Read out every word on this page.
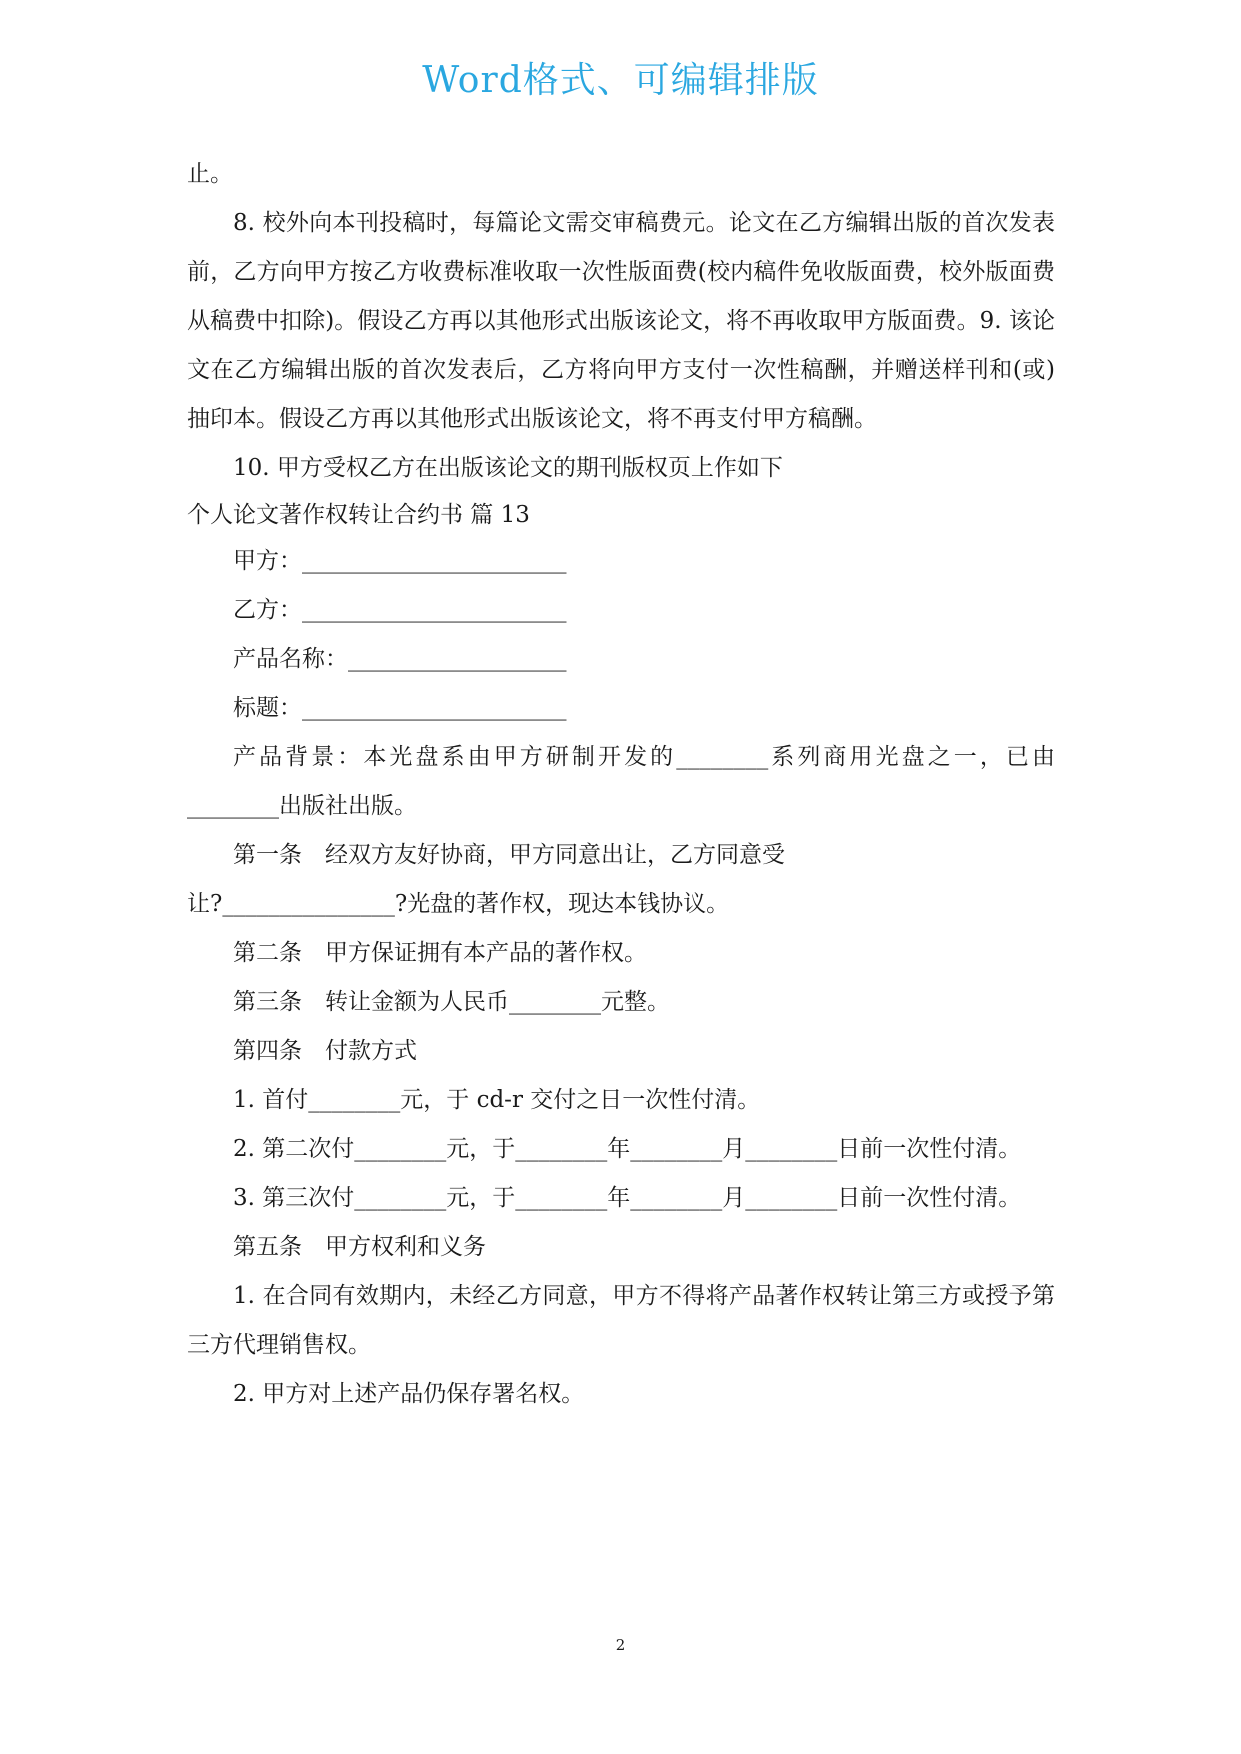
Word格式、可编辑排版

止。

8. 校外向本刊投稿时，每篇论文需交审稿费元。论文在乙方编辑出版的首次发表前，乙方向甲方按乙方收费标准收取一次性版面费(校内稿件免收版面费，校外版面费从稿费中扣除)。假设乙方再以其他形式出版该论文，将不再收取甲方版面费。9. 该论文在乙方编辑出版的首次发表后，乙方将向甲方支付一次性稿酬，并赠送样刊和(或)抽印本。假设乙方再以其他形式出版该论文，将不再支付甲方稿酬。

10. 甲方受权乙方在出版该论文的期刊版权页上作如下

个人论文著作权转让合约书 篇 13

甲方：_______________________

乙方：_______________________

产品名称：___________________

标题：_______________________

产品背景：本光盘系由甲方研制开发的________系列商用光盘之一，已由________出版社出版。

第一条　经双方友好协商，甲方同意出让，乙方同意受

让?_______________?光盘的著作权，现达本钱协议。

第二条　甲方保证拥有本产品的著作权。

第三条　转让金额为人民币________元整。

第四条　付款方式

1. 首付________元，于 cd-r 交付之日一次性付清。

2. 第二次付________元，于________年________月________日前一次性付清。

3. 第三次付________元，于________年________月________日前一次性付清。

第五条　甲方权利和义务

1. 在合同有效期内，未经乙方同意，甲方不得将产品著作权转让第三方或授予第三方代理销售权。

2. 甲方对上述产品仍保存署名权。

2
